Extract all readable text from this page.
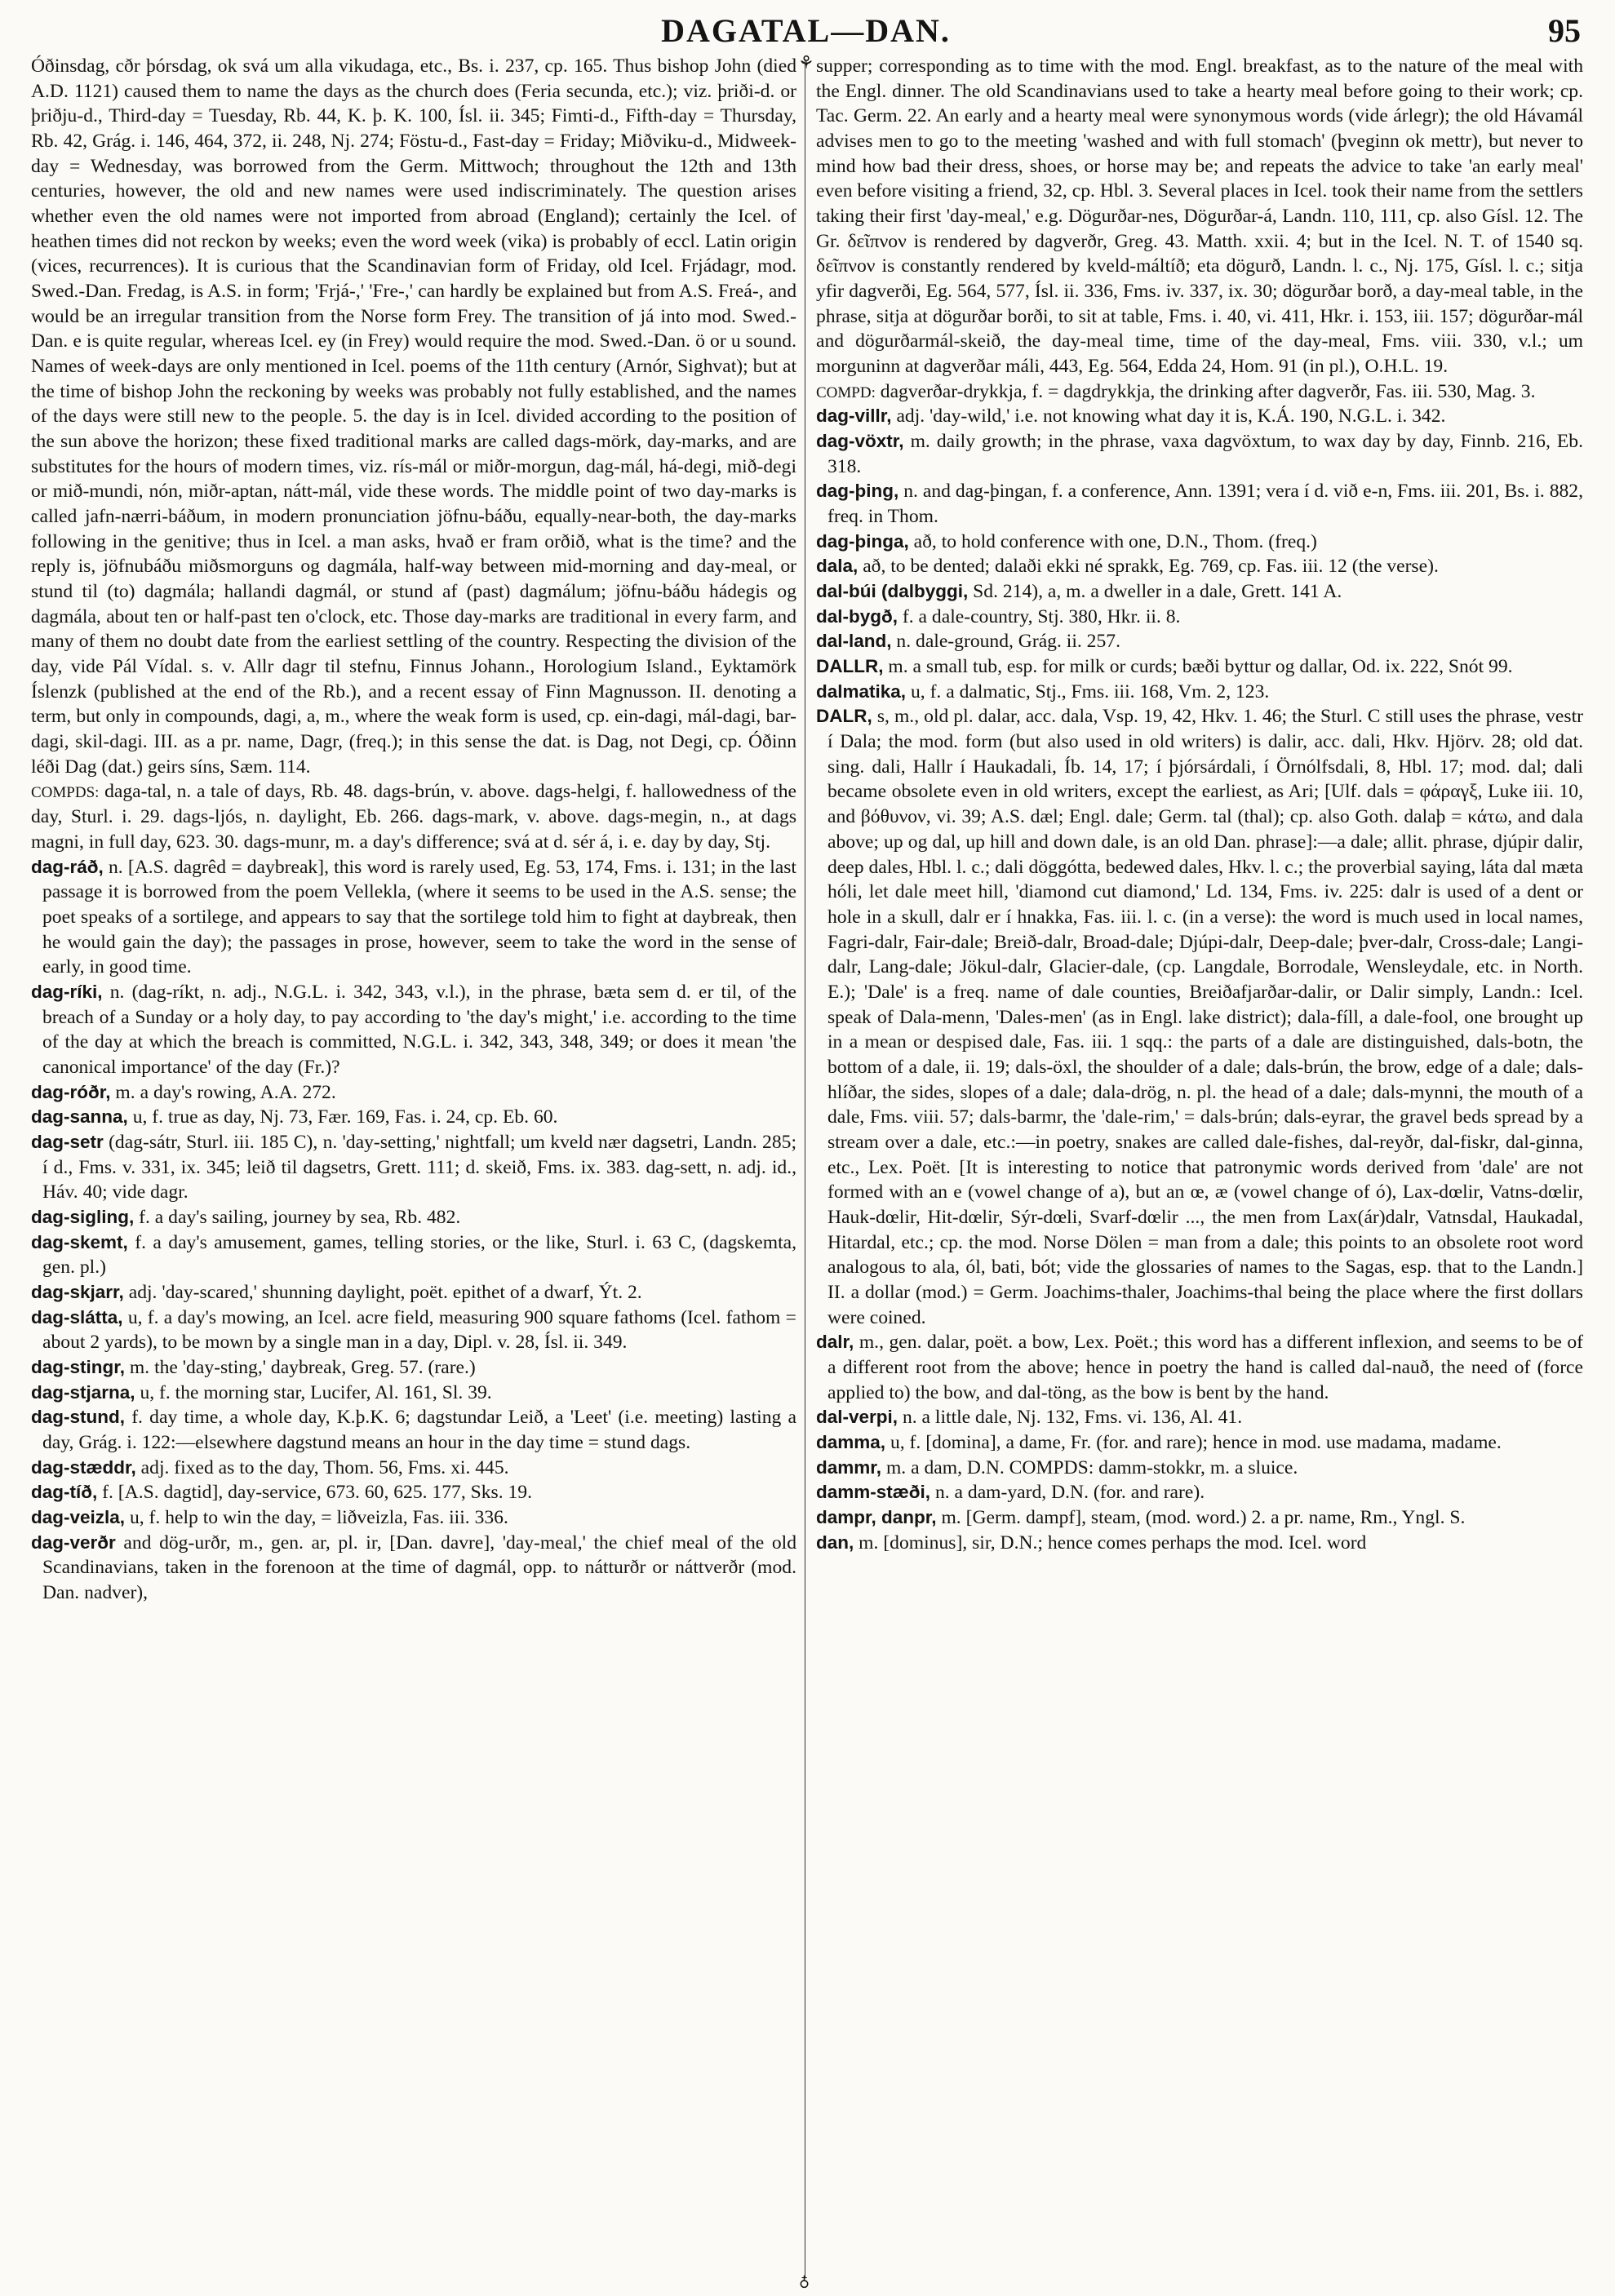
DAGATAL—DAN.	95
⚘
♁

Óðinsdag, cðr þórsdag, ok svá um alla vikudaga, etc., Bs. i. 237, cp. 165. Thus bishop John (died A.D. 1121) caused them to name the days as the church does (Feria secunda, etc.); viz. þriði-d. or þriðju-d., Third-day = Tuesday, Rb. 44, K. þ. K. 100, Ísl. ii. 345; Fimti-d., Fifth-day = Thursday, Rb. 42, Grág. i. 146, 464, 372, ii. 248, Nj. 274; Föstu-d., Fast-day = Friday; Miðviku-d., Midweek-day = Wednesday, was borrowed from the Germ. Mittwoch; throughout the 12th and 13th centuries, however, the old and new names were used indiscriminately. The question arises whether even the old names were not imported from abroad (England); certainly the Icel. of heathen times did not reckon by weeks; even the word week (vika) is probably of eccl. Latin origin (vices, recurrences). It is curious that the Scandinavian form of Friday, old Icel. Frjádagr, mod. Swed.-Dan. Fredag, is A.S. in form; 'Frjá-,' 'Fre-,' can hardly be explained but from A.S. Freá-, and would be an irregular transition from the Norse form Frey. The transition of já into mod. Swed.-Dan. e is quite regular, whereas Icel. ey (in Frey) would require the mod. Swed.-Dan. ö or u sound. Names of week-days are only mentioned in Icel. poems of the 11th century (Arnór, Sighvat); but at the time of bishop John the reckoning by weeks was probably not fully established, and the names of the days were still new to the people. 5. the day is in Icel. divided according to the position of the sun above the horizon; these fixed traditional marks are called dags-mörk, day-marks, and are substitutes for the hours of modern times, viz. rís-mál or miðr-morgun, dag-mál, há-degi, mið-degi or mið-mundi, nón, miðr-aptan, nátt-mál, vide these words. The middle point of two day-marks is called jafn-nærri-báðum, in modern pronunciation jöfnu-báðu, equally-near-both, the day-marks following in the genitive; thus in Icel. a man asks, hvað er fram orðið, what is the time? and the reply is, jöfnubáðu miðsmorguns og dagmála, half-way between mid-morning and day-meal, or stund til (to) dagmála; hallandi dagmál, or stund af (past) dagmálum; jöfnu-báðu hádegis og dagmála, about ten or half-past ten o'clock, etc. Those day-marks are traditional in every farm, and many of them no doubt date from the earliest settling of the country. Respecting the division of the day, vide Pál Vídal. s. v. Allr dagr til stefnu, Finnus Johann., Horologium Island., Eyktamörk Íslenzk (published at the end of the Rb.), and a recent essay of Finn Magnusson. II. denoting a term, but only in compounds, dagi, a, m., where the weak form is used, cp. ein-dagi, mál-dagi, bar-dagi, skil-dagi. III. as a pr. name, Dagr, (freq.); in this sense the dat. is Dag, not Degi, cp. Óðinn léði Dag (dat.) geirs síns, Sæm. 114.

COMPDS: daga-tal, n. a tale of days, Rb. 48. dags-brún, v. above. dags-helgi, f. hallowedness of the day, Sturl. i. 29. dags-ljós, n. daylight, Eb. 266. dags-mark, v. above. dags-megin, n., at dags magni, in full day, 623. 30. dags-munr, m. a day's difference; svá at d. sér á, i. e. day by day, Stj.

dag-ráð, n. [A.S. dagrêd = daybreak], this word is rarely used, Eg. 53, 174, Fms. i. 131; in the last passage it is borrowed from the poem Vellekla, (where it seems to be used in the A.S. sense; the poet speaks of a sortilege, and appears to say that the sortilege told him to fight at daybreak, then he would gain the day); the passages in prose, however, seem to take the word in the sense of early, in good time.

dag-ríki, n. (dag-ríkt, n. adj., N.G.L. i. 342, 343, v.l.), in the phrase, bæta sem d. er til, of the breach of a Sunday or a holy day, to pay according to 'the day's might,' i.e. according to the time of the day at which the breach is committed, N.G.L. i. 342, 343, 348, 349; or does it mean 'the canonical importance' of the day (Fr.)?

dag-róðr, m. a day's rowing, A.A. 272.

dag-sanna, u, f. true as day, Nj. 73, Fær. 169, Fas. i. 24, cp. Eb. 60.

dag-setr (dag-sátr, Sturl. iii. 185 C), n. 'day-setting,' nightfall; um kveld nær dagsetri, Landn. 285; í d., Fms. v. 331, ix. 345; leið til dagsetrs, Grett. 111; d. skeið, Fms. ix. 383. dag-sett, n. adj. id., Háv. 40; vide dagr.

dag-sigling, f. a day's sailing, journey by sea, Rb. 482.

dag-skemt, f. a day's amusement, games, telling stories, or the like, Sturl. i. 63 C, (dagskemta, gen. pl.)

dag-skjarr, adj. 'day-scared,' shunning daylight, poët. epithet of a dwarf, Ýt. 2.

dag-slátta, u, f. a day's mowing, an Icel. acre field, measuring 900 square fathoms (Icel. fathom = about 2 yards), to be mown by a single man in a day, Dipl. v. 28, Ísl. ii. 349.

dag-stingr, m. the 'day-sting,' daybreak, Greg. 57. (rare.)

dag-stjarna, u, f. the morning star, Lucifer, Al. 161, Sl. 39.

dag-stund, f. day time, a whole day, K.þ.K. 6; dagstundar Leið, a 'Leet' (i.e. meeting) lasting a day, Grág. i. 122:—elsewhere dagstund means an hour in the day time = stund dags.

dag-stæddr, adj. fixed as to the day, Thom. 56, Fms. xi. 445.

dag-tíð, f. [A.S. dagtid], day-service, 673. 60, 625. 177, Sks. 19.

dag-veizla, u, f. help to win the day, = liðveizla, Fas. iii. 336.

dag-verðr and dög-urðr, m., gen. ar, pl. ir, [Dan. davre], 'day-meal,' the chief meal of the old Scandinavians, taken in the forenoon at the time of dagmál, opp. to nátturðr or náttverðr (mod. Dan. nadver),

supper; corresponding as to time with the mod. Engl. breakfast, as to the nature of the meal with the Engl. dinner. The old Scandinavians used to take a hearty meal before going to their work; cp. Tac. Germ. 22. An early and a hearty meal were synonymous words (vide árlegr); the old Hávamál advises men to go to the meeting 'washed and with full stomach' (þveginn ok mettr), but never to mind how bad their dress, shoes, or horse may be; and repeats the advice to take 'an early meal' even before visiting a friend, 32, cp. Hbl. 3. Several places in Icel. took their name from the settlers taking their first 'day-meal,' e.g. Dögurðar-nes, Dögurðar-á, Landn. 110, 111, cp. also Gísl. 12. The Gr. δεῖπνον is rendered by dagverðr, Greg. 43. Matth. xxii. 4; but in the Icel. N. T. of 1540 sq. δεῖπνον is constantly rendered by kveld-máltíð; eta dögurð, Landn. l. c., Nj. 175, Gísl. l. c.; sitja yfir dagverði, Eg. 564, 577, Ísl. ii. 336, Fms. iv. 337, ix. 30; dögurðar borð, a day-meal table, in the phrase, sitja at dögurðar borði, to sit at table, Fms. i. 40, vi. 411, Hkr. i. 153, iii. 157; dögurðar-mál and dögurðarmál-skeið, the day-meal time, time of the day-meal, Fms. viii. 330, v.l.; um morguninn at dagverðar máli, 443, Eg. 564, Edda 24, Hom. 91 (in pl.), O.H.L. 19.

COMPD: dagverðar-drykkja, f. = dagdrykkja, the drinking after dagverðr, Fas. iii. 530, Mag. 3.

dag-villr, adj. 'day-wild,' i.e. not knowing what day it is, K.Á. 190, N.G.L. i. 342.

dag-vöxtr, m. daily growth; in the phrase, vaxa dagvöxtum, to wax day by day, Finnb. 216, Eb. 318.

dag-þing, n. and dag-þingan, f. a conference, Ann. 1391; vera í d. við e-n, Fms. iii. 201, Bs. i. 882, freq. in Thom.

dag-þinga, að, to hold conference with one, D.N., Thom. (freq.)

dala, að, to be dented; dalaði ekki né sprakk, Eg. 769, cp. Fas. iii. 12 (the verse).

dal-búi (dalbyggi, Sd. 214), a, m. a dweller in a dale, Grett. 141 A.

dal-bygð, f. a dale-country, Stj. 380, Hkr. ii. 8.

dal-land, n. dale-ground, Grág. ii. 257.

DALLR, m. a small tub, esp. for milk or curds; bæði byttur og dallar, Od. ix. 222, Snót 99.

dalmatika, u, f. a dalmatic, Stj., Fms. iii. 168, Vm. 2, 123.

DALR, s, m., old pl. dalar, acc. dala, Vsp. 19, 42, Hkv. 1. 46; the Sturl. C still uses the phrase, vestr í Dala; the mod. form (but also used in old writers) is dalir, acc. dali, Hkv. Hjörv. 28; old dat. sing. dali, Hallr í Haukadali, Íb. 14, 17; í þjórsárdali, í Örnólfsdali, 8, Hbl. 17; mod. dal; dali became obsolete even in old writers, except the earliest, as Ari; [Ulf. dals = φάραγξ, Luke iii. 10, and βόθυνον, vi. 39; A.S. dæl; Engl. dale; Germ. tal (thal); cp. also Goth. dalaþ = κάτω, and dala above; up og dal, up hill and down dale, is an old Dan. phrase]:—a dale; allit. phrase, djúpir dalir, deep dales, Hbl. l. c.; dali döggótta, bedewed dales, Hkv. l. c.; the proverbial saying, láta dal mæta hóli, let dale meet hill, 'diamond cut diamond,' Ld. 134, Fms. iv. 225: dalr is used of a dent or hole in a skull, dalr er í hnakka, Fas. iii. l. c. (in a verse): the word is much used in local names, Fagri-dalr, Fair-dale; Breið-dalr, Broad-dale; Djúpi-dalr, Deep-dale; þver-dalr, Cross-dale; Langi-dalr, Lang-dale; Jökul-dalr, Glacier-dale, (cp. Langdale, Borrodale, Wensleydale, etc. in North. E.); 'Dale' is a freq. name of dale counties, Breiðafjarðar-dalir, or Dalir simply, Landn.: Icel. speak of Dala-menn, 'Dales-men' (as in Engl. lake district); dala-fíll, a dale-fool, one brought up in a mean or despised dale, Fas. iii. 1 sqq.: the parts of a dale are distinguished, dals-botn, the bottom of a dale, ii. 19; dals-öxl, the shoulder of a dale; dals-brún, the brow, edge of a dale; dals-hlíðar, the sides, slopes of a dale; dala-drög, n. pl. the head of a dale; dals-mynni, the mouth of a dale, Fms. viii. 57; dals-barmr, the 'dale-rim,' = dals-brún; dals-eyrar, the gravel beds spread by a stream over a dale, etc.:—in poetry, snakes are called dale-fishes, dal-reyðr, dal-fiskr, dal-ginna, etc., Lex. Poët. [It is interesting to notice that patronymic words derived from 'dale' are not formed with an e (vowel change of a), but an œ, æ (vowel change of ó), Lax-dœlir, Vatns-dœlir, Hauk-dœlir, Hit-dœlir, Sýr-dœli, Svarf-dœlir ..., the men from Lax(ár)dalr, Vatnsdal, Haukadal, Hitardal, etc.; cp. the mod. Norse Dölen = man from a dale; this points to an obsolete root word analogous to ala, ól, bati, bót; vide the glossaries of names to the Sagas, esp. that to the Landn.] II. a dollar (mod.) = Germ. Joachims-thaler, Joachims-thal being the place where the first dollars were coined.

dalr, m., gen. dalar, poët. a bow, Lex. Poët.; this word has a different inflexion, and seems to be of a different root from the above; hence in poetry the hand is called dal-nauð, the need of (force applied to) the bow, and dal-töng, as the bow is bent by the hand.

dal-verpi, n. a little dale, Nj. 132, Fms. vi. 136, Al. 41.

damma, u, f. [domina], a dame, Fr. (for. and rare); hence in mod. use madama, madame.

dammr, m. a dam, D.N. COMPDS: damm-stokkr, m. a sluice.

damm-stæði, n. a dam-yard, D.N. (for. and rare).

dampr, danpr, m. [Germ. dampf], steam, (mod. word.) 2. a pr. name, Rm., Yngl. S.

dan, m. [dominus], sir, D.N.; hence comes perhaps the mod. Icel. word
